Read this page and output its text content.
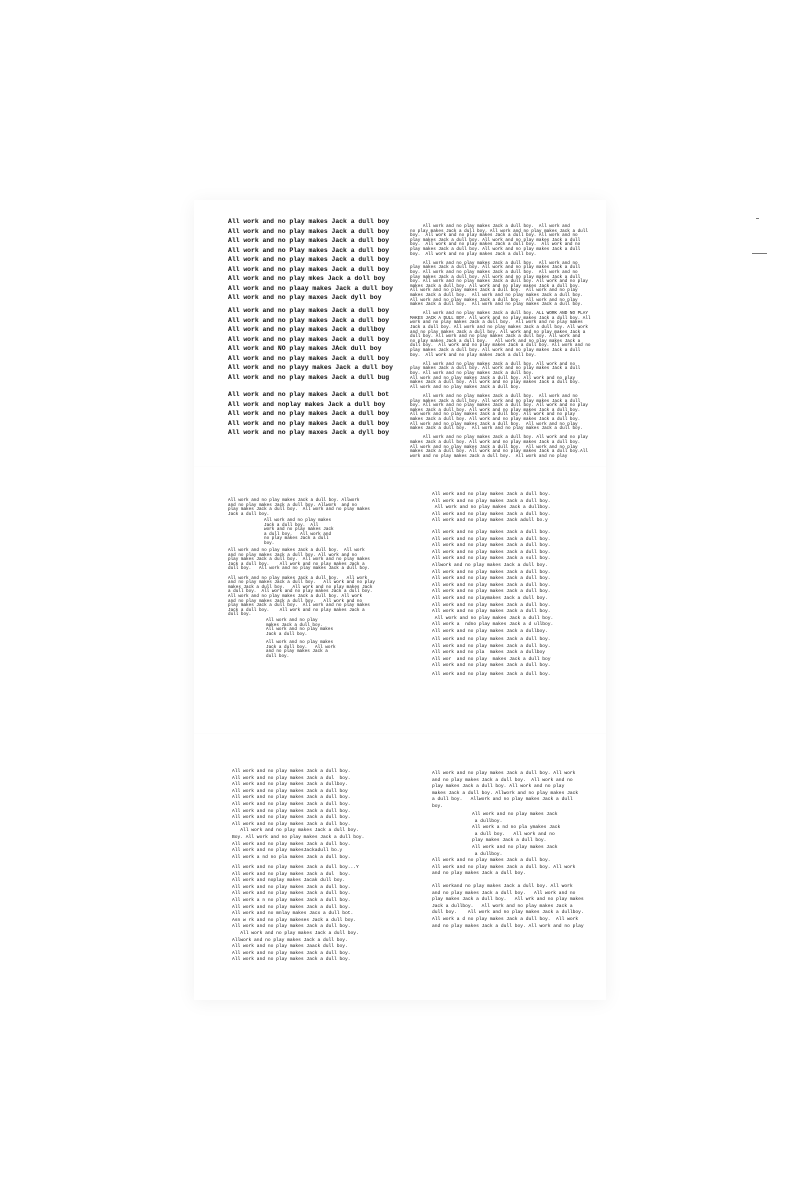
All work and no play makes Jack a dull boy
All work and no play makes Jack a dull boy
All work and no play makes Jack a dull boy
All work and no Play makes Jack a dull boy
All work and no play makes Jack a dull boy
All work and no play makes Jack a dull boy
All work and no play mkes Jack a doll boy
All work and no plaay makes Jack a dull boy
All work and no play maxes Jack dyll boy
All work and no play makes Jack a dull boy
All work and no play makes Jack a dull boy
All work and no play makes Jack a dullboy
All work and no play makes Jack a dull boy
All work and NO play makes JAck dull boy
All work and no play makes Jack a dull boy
All work and no playy makes Jack a dull boy
All work and no play makes Jack a dull bug
All work and no play makes Jack a dull bot
All work and noplay makes Jack a dull boy
All work and no play makes Jack a dull boy
All work and no play makes Jack a dull boy
All work and no play maxes Jack a dyll boy
All work and no play makes Jack a dull boy.  All work and
no play makes Jack a dull boy. All work and no play makes Jack a dull
boy.  All work and no play makes Jack a dull boy. All work and no
play makes Jack a dull boy. All work and no play makes Jack a dull
boy.  All work and no play makes Jack a dull boy.  All work and no
play makes Jack a dull boy. All work and no play makes Jack a dull
boy.  All work and no play makes Jack a dull boy.

All work and no play makes Jack a dull boy.  All work and no
play makes Jack a dull boy. All work and no play makes Jack a dull
boy. All work and no play makes Jack a dull boy.  All work and no
play makes Jack a dull boy. All work and no play makes Jack a dull
boy. All work and no play makes Jack a dull boy. All work and no play
makes Jack a dull boy. All work and no play makes Jack a dull boy.
All work and no play makes Jack a dull boy.  All work and no play
makes Jack a dull boy.  All work and no play makes Jack a dull boy.
All work and no play makes Jack a dull boy.  All work and no play
makes Jack a dull boy.  All work and no play makes Jack a dull boy.

All work and no play makes Jack a dull boy. ALL WORK AND NO PLAY
MAKES JACK A DULL BOY. All work and no play makes Jack a dull boy. All
work and no play makes Jack a dull boy.  All work and no play makes
Jack a dull boy. All work and no play makes Jack a dull boy. All work
and no play makes Jack a dull boy. All work and no play makes Jack a
dull boy. All work and no play makes Jack a dull boy. All work and
no play makes Jack a dull boy.   All work and no play makes Jack a
dull boy.  All work and no play makes Jack a dull boy. All work and no
play makes Jack a dull boy. All work and no play makes Jack a dull
boy.  All work and no play makes Jack a dull boy.

All work and no play makes Jack a dull boy. All work and no
play makes Jack a dull boy. All work and no play makes Jack a dull
boy. All work and no play makes Jack a dull boy.
All work and no play makes Jack a dull boy. All work and no play
makes Jack a dull boy. All work and no play makes Jack a dull boy.
All work and no play makes Jack a dull boy.

All work and no play makes Jack a dull boy.  All work and no
play makes Jack a dull boy. All work and no play makes Jack a dull
boy. All work and no play makes Jack a dull boy. All work and no play
makes Jack a dull boy. All work and no play makes Jack a dull boy.
All work and no play makes Jack a dull boy. All work and no play
makes Jack a dull boy. All work and no play makes Jack a dull boy.
All work and no play makes Jack a dull boy.  All work and no play
makes Jack a dull boy.  All work and no play makes Jack a dull boy.

All work and no play makes Jack a dull boy. All work and no play
makes Jack a dull boy. All work and no play makes Jack a dull boy.
All work and no play makes Jack a dull boy.  All work and no play
makes Jack a dull boy. All work and no play makes Jack a dull boy.All
work and no play makes Jack a dull boy.  All work and no play
All work and no play makes Jack a dull boy. Allwork
and no play makes Jack a dull boy. Allwork  and no
play makes Jack a dull boy.  All work and no play makes
Jack a dull boy.
All work and no play makes
Jack a dull boy.  All
work and no play makes Jack
a dull boy.   All work and
no play makes Jack a dull
boy.
All work and no play makes Jack a dull boy.  All work
and no play makes Jack a dull boy. All work and no
play makes Jack a dull boy.  All work and no play makes
Jack a dull boy.    All work and no play makes Jack a
dull boy.   All work and no play makes Jack a dull boy.

All work and no play makes Jack a dull boy.   All work
and no play makes Jack a dull boy.   All work and no play
makes Jack a dull boy.   All work and no play makes Jack
a dull boy.  All work and no play makes Jack a dull boy.
All work and no play makes Jack a dull boy. All work
and no play makes Jack a dull boy.   All work and no
play makes Jack a dull boy.  All work and no play makes
Jack a dull boy.    All work and no play makes Jack a
dull boy.
All work and no play
makes Jack a dull boy.
All work and no play makes
Jack a dull boy.
All work and no play makes
Jack a dull boy.   All work
and no play makes Jack a
dull boy.
All work and no play makes Jack a dull boy.
All work and no play makes Jack a dull boy.
All work and no play makes Jack a dullboy.
All work and no play makes Jack a dull boy.
All work and no play makes Jack adull bo.y
All work and no play makes Jack a dull boy.
All work and no play makes Jack a dull boy.
All work and no play makes Jack a dull boy.
All work and no play makes Jack a dull boy.
All work and no play makes Jack a sull boy.
Allwork and no play makes Jack a dull boy.
All work and no play makes Jack a dull boy.
All work and no play makes Jack a dull boy.
All work and no play makes Jack a dull boy.
All work and no play makes Jack a dull boy.
All work and no playmakes Jack a dull boy.
All work and no play makes Jack a dull boy.
All work and no play makes Jack a dull boy.
All work and no play makes Jack a dull boy.
All work a  ndno play makes Jack a d ullboy.
All work and no play makes Jack a dullboy.
All work and no play makes Jack a dull boy.
All work and no play makes Jack a dull boy.
All work and no pla  makes Jack a dullboy
All wor  and no play  makes Jack a dull boy
All work and no play makes Jack a dull boy.
All work and no play makes Jack a dull boy.
All work and no play makes Jack a dull boy.
All work and no play makes Jack a dul  boy.
All work and no play makes Jack a dullboy.
All work and no play makes Jack a dull boy
All work and no play makes Jack a dull boy.
All work and no play makes Jack a dull boy.
All work and no play makes Jack a dull boy.
All work and no play makes Jack a dull boy.
All work and no play makes Jack a dull boy.
All work and no play makes Jack a dull boy.
Boy. All work and no play makes Jack a dull boy.
All work and no play makes Jack a dull boy.
All work and no play makesJackadull bo.y
All work a nd no pla makes Jack a dull boy.
All work and no play makes Jack a dull boy...Y
All work and no play makes Jack a dul  boy.
All work and noplay makes Jacak dull boy.
All work and no play makes Jack a dull boy.
All work and no play makes Jack a dull boy.
All work a n no play makes Jack a dull boy.
All work and no play makes Jack a dull boy.
All work and no mnlay makes Jacx a dull bot.
Asn w rk and no play makeses Jack a dull boy.
All work and no play makes Jack a dull boy.
All work and no play makes Jack a dull boy.
Allwork and no play makes Jack a dull boy.
All work and no play makes Jaack dull boy.
All work and no play makes Jack a dull boy.
All work and no play makes Jack a dull boy.
All work and no play makes Jack a dull boy. All work
and no play makes Jack a dull boy.  All work and no
play makes Jack a dull boy. All work and no play
makes Jack a dull boy. Allwork and no play makes Jack
a dull boy.   Allwork and no play makes Jack a dull
boy.
All work and no play makes Jack
a dullboy.
All work a nd no pla ymakes Jack
a dull boy.   All work and no
play makes Jack a dull boy.
All work and no play makes Jack
a dullboy.
All work and no play makes Jack a dull boy.
All work and no play makes Jack a dull boy. All work
and no play makes Jack a dull boy.
All workand no play makes Jack a dull boy. All work
and no play makes Jack a dull boy.   All work and no
play makes Jack a dull boy.   All wrk and no play makes
Jack a dullboy.   All work and no play makes Jack a
dull boy.    All work and no play makes Jack a dullboy.
All work a d no play makes Jack a dull boy.  All work
and no play makes Jack a dull boy. All work and no play
